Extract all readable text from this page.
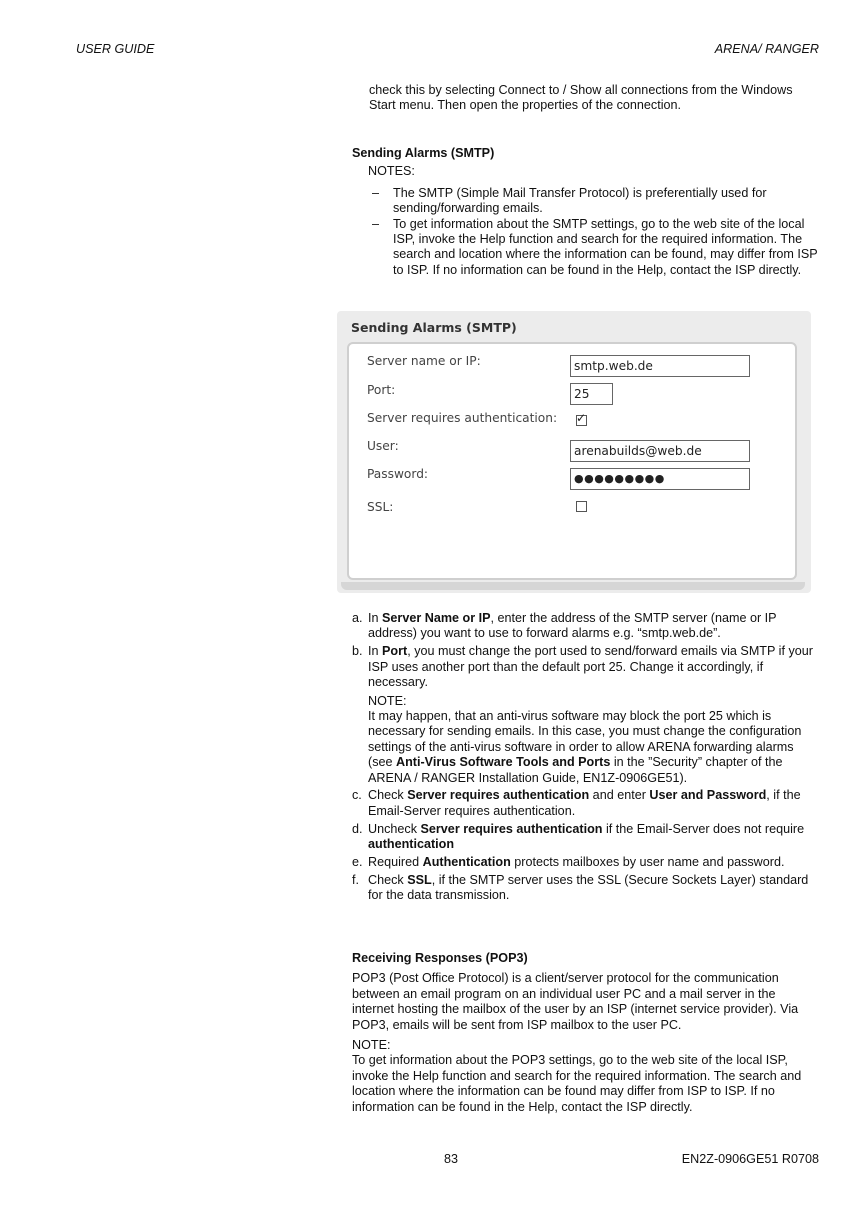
USER GUIDE	ARENA/ RANGER

check this by selecting Connect to / Show all connections from the Windows

Start menu. Then open the properties of the connection.

Sending Alarms (SMTP)

NOTES:

– The SMTP (Simple Mail Transfer Protocol) is preferentially used for sending/forwarding emails.
– To get information about the SMTP settings, go to the web site of the local ISP, invoke the Help function and search for the required information. The search and location where the information can be found, may differ from ISP to ISP. If no information can be found in the Help, contact the ISP directly.
Sending Alarms (SMTP)
Server name or IP:	smtp.web.de
Port:	25
Server requires authentication: ✓
User:	arenabuilds@web.de
Password:	●●●●●●●●●
SSL:
a. In Server Name or IP, enter the address of the SMTP server (name or IP address) you want to use to forward alarms e.g. “smtp.web.de”.
b. In Port, you must change the port used to send/forward emails via SMTP if your ISP uses another port than the default port 25. Change it accordingly, if necessary.

NOTE:

It may happen, that an anti-virus software may block the port 25 which is necessary for sending emails. In this case, you must change the configuration settings of the anti-virus software in order to allow ARENA forwarding alarms (see Anti-Virus Software Tools and Ports in the ”Security” chapter of the ARENA / RANGER Installation Guide, EN1Z-0906GE51).

c. Check Server requires authentication and enter User and Password, if the Email-Server requires authentication.
d. Uncheck Server requires authentication if the Email-Server does not require authentication
e. Required Authentication protects mailboxes by user name and password.
f. Check SSL, if the SMTP server uses the SSL (Secure Sockets Layer) standard for the data transmission.

Receiving Responses (POP3)

POP3 (Post Office Protocol) is a client/server protocol for the communication between an email program on an individual user PC and a mail server in the internet hosting the mailbox of the user by an ISP (internet service provider). Via POP3, emails will be sent from ISP mailbox to the user PC.

NOTE:

To get information about the POP3 settings, go to the web site of the local ISP, invoke the Help function and search for the required information. The search and location where the information can be found may differ from ISP to ISP. If no information can be found in the Help, contact the ISP directly.

83	EN2Z-0906GE51 R0708
